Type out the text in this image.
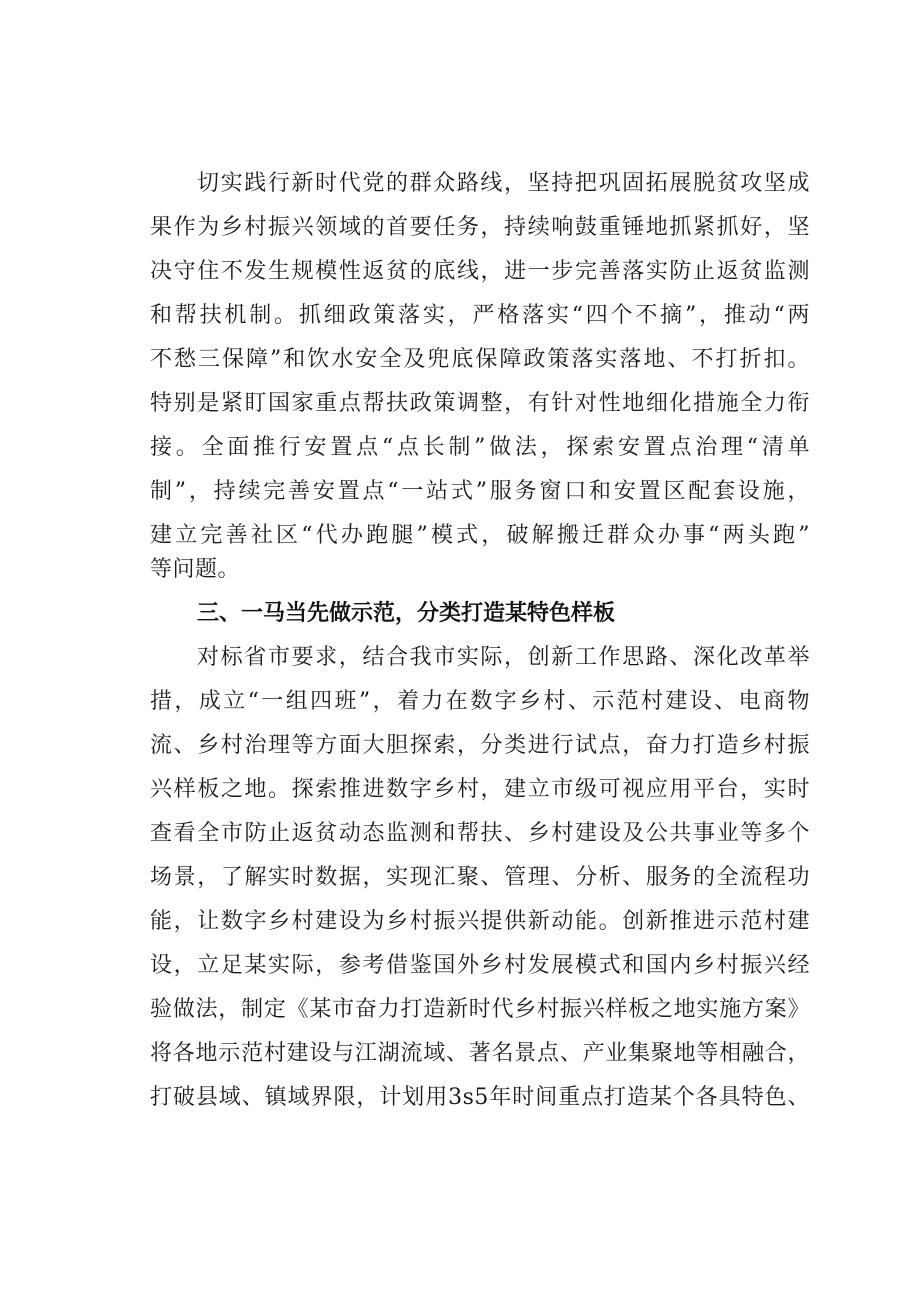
切实践行新时代党的群众路线，坚持把巩固拓展脱贫攻坚成
果作为乡村振兴领域的首要任务，持续响鼓重锤地抓紧抓好，坚
决守住不发生规模性返贫的底线，进一步完善落实防止返贫监测
和帮扶机制。抓细政策落实，严格落实“四个不摘”，推动“两
不愁三保障”和饮水安全及兜底保障政策落实落地、不打折扣。
特别是紧盯国家重点帮扶政策调整，有针对性地细化措施全力衔
接。全面推行安置点“点长制”做法，探索安置点治理“清单
制”，持续完善安置点“一站式”服务窗口和安置区配套设施，
建立完善社区“代办跑腿”模式，破解搬迁群众办事“两头跑”
等问题。
三、一马当先做示范，分类打造某特色样板
对标省市要求，结合我市实际，创新工作思路、深化改革举
措，成立“一组四班”，着力在数字乡村、示范村建设、电商物
流、乡村治理等方面大胆探索，分类进行试点，奋力打造乡村振
兴样板之地。探索推进数字乡村，建立市级可视应用平台，实时
查看全市防止返贫动态监测和帮扶、乡村建设及公共事业等多个
场景，了解实时数据，实现汇聚、管理、分析、服务的全流程功
能，让数字乡村建设为乡村振兴提供新动能。创新推进示范村建
设，立足某实际，参考借鉴国外乡村发展模式和国内乡村振兴经
验做法，制定《某市奋力打造新时代乡村振兴样板之地实施方案》
将各地示范村建设与江湖流域、著名景点、产业集聚地等相融合，
打破县域、镇域界限，计划用3s5年时间重点打造某个各具特色、
